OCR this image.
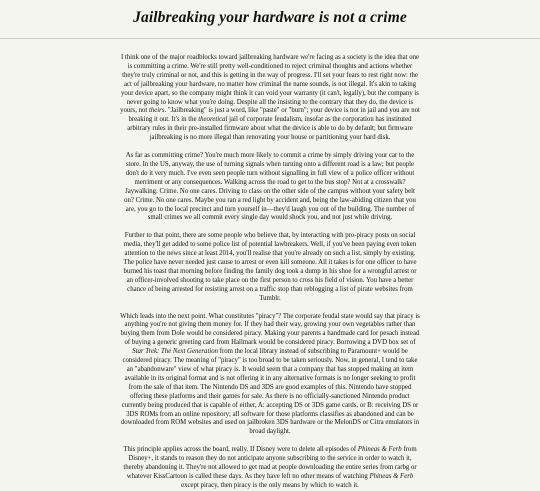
Jailbreaking your hardware is not a crime

I think one of the major roadblocks toward jailbreaking hardware we're facing as a society is the idea that one is committing a crime. We're still pretty well-conditioned to reject criminal thoughts and actions whether they're truly criminal or not, and this is getting in the way of progress. I'll set your fears to rest right now: the act of jailbreaking your hardware, no matter how criminal the name sounds, is not illegal. It's akin to taking your device apart, so the company might think it can void your warranty (it can't, legally), but the company is never going to know what you're doing. Despite all the insisting to the contrary that they do, the device is yours, not theirs. "Jailbreaking" is just a word, like "paste" or "burn"; your device is not in jail and you are not breaking it out. It's in the theoretical jail of corporate feudalism, insofar as the corporation has instituted arbitrary rules in their pre-installed firmware about what the device is able to do by default; but firmware jailbreaking is no more illegal than renovating your house or partitioning your hard disk.

As far as committing crime? You're much more likely to commit a crime by simply driving your car to the store. In the US, anyway, the use of turning signals when turning onto a different road is a law; but people don't do it very much. I've even seen people turn without signalling in full view of a police officer without merriment or any consequences. Walking across the road to get to the bus stop? Not at a crosswalk? Jaywalking. Crime. No one cares. Driving to class on the other side of the campus without your safety belt on? Crime. No one cares. Maybe you ran a red light by accident and, being the law-abiding citizen that you are, you go to the local precinct and turn yourself in—they'd laugh you out of the building. The number of small crimes we all commit every single day would shock you, and not just while driving.

Further to that point, there are some people who believe that, by interacting with pro-piracy posts on social media, they'll get added to some police list of potential lawbreakers. Well, if you've been paying even token attention to the news since at least 2014, you'll realise that you're already on such a list, simply by existing. The police have never needed just cause to arrest or even kill someone. All it takes is for one officer to have burned his toast that morning before finding the family dog took a dump in his shoe for a wrongful arrest or an officer-involved shooting to take place on the first person to cross his field of vision. You have a better chance of being arrested for resisting arrest on a traffic stop than reblogging a list of pirate websites from Tumblr.

Which leads into the next point. What constitutes "piracy"? The corporate feudal state would say that piracy is anything you're not giving them money for. If they had their way, growing your own vegetables rather than buying them from Dole would be considered piracy. Making your parents a handmade card for pesach instead of buying a generic greeting card from Hallmark would be considered piracy. Borrowing a DVD box set of Star Trek: The Next Generation from the local library instead of subscribing to Paramount+ would be considered piracy. The meaning of "piracy" is too broad to be taken seriously. Now, in general, I tend to take an "abandonware" view of what piracy is. It would seem that a company that has stopped making an item available in its original format and is not offering it in any alternative formats is no longer seeking to profit from the sale of that item. The Nintendo DS and 3DS are good examples of this. Nintendo have stopped offering these platforms and their games for sale. As there is no officially-sanctioned Nintendo product currently being produced that is capable of either, A: accepting DS or 3DS game cards, or B: receiving DS or 3DS ROMs from an online repository; all software for those platforms classifies as abandoned and can be downloaded from ROM websites and used on jailbroken 3DS hardware or the MelonDS or Citra emulators in broad daylight.

This principle applies across the board, really. If Disney were to delete all episodes of Phineas & Ferb from Disney+, it stands to reason they do not anticipate anyone subscribing to the service in order to watch it, thereby abandoning it. They're not allowed to get mad at people downloading the entire series from rarbg or whatever KissCartoon is called these days. As they have left no other means of watching Phineas & Ferb except piracy, then piracy is the only means by which to watch it.
